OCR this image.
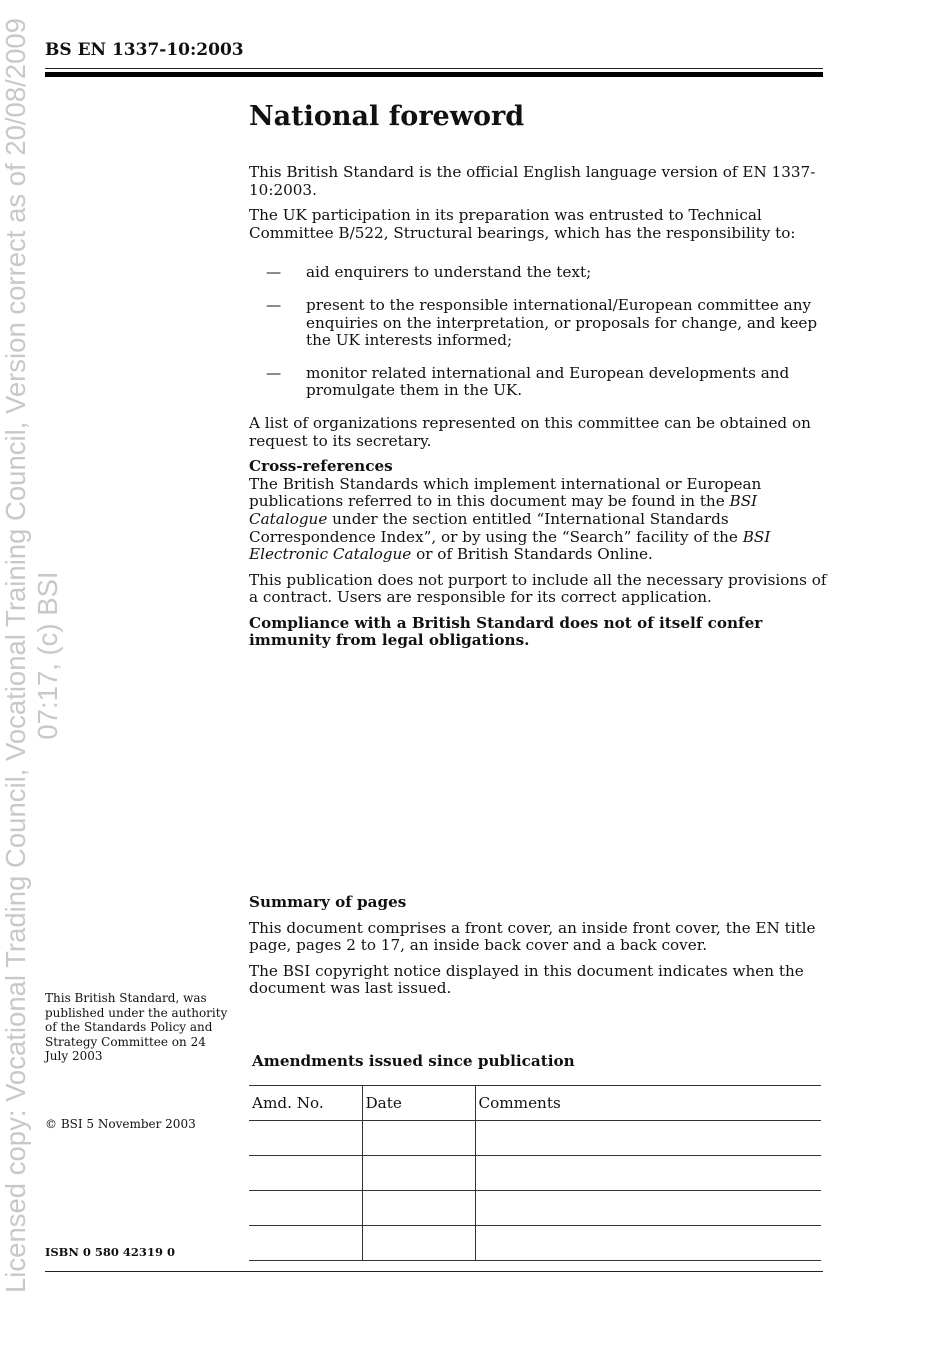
Licensed copy: Vocational Trading Council, Vocational Training Council, Version correct as of 20/08/2009 07:17, (c) BSI
BS EN 1337-10:2003
National foreword

This British Standard is the official English language version of EN 1337-10:2003.

The UK participation in its preparation was entrusted to Technical Committee B/522, Structural bearings, which has the responsibility to:

— aid enquirers to understand the text;
— present to the responsible international/European committee any enquiries on the interpretation, or proposals for change, and keep the UK interests informed;
— monitor related international and European developments and promulgate them in the UK.

A list of organizations represented on this committee can be obtained on request to its secretary.

Cross-references

The British Standards which implement international or European publications referred to in this document may be found in the BSI Catalogue under the section entitled “International Standards Correspondence Index”, or by using the “Search” facility of the BSI Electronic Catalogue or of British Standards Online.

This publication does not purport to include all the necessary provisions of a contract. Users are responsible for its correct application.

Compliance with a British Standard does not of itself confer immunity from legal obligations.

This British Standard, was published under the authority of the Standards Policy and Strategy Committee on 24 July 2003
© BSI 5 November 2003

Summary of pages

This document comprises a front cover, an inside front cover, the EN title page, pages 2 to 17, an inside back cover and a back cover.

The BSI copyright notice displayed in this document indicates when the document was last issued.

Amendments issued since publication
Amd. No.	Date	Comments

ISBN 0 580 42319 0
